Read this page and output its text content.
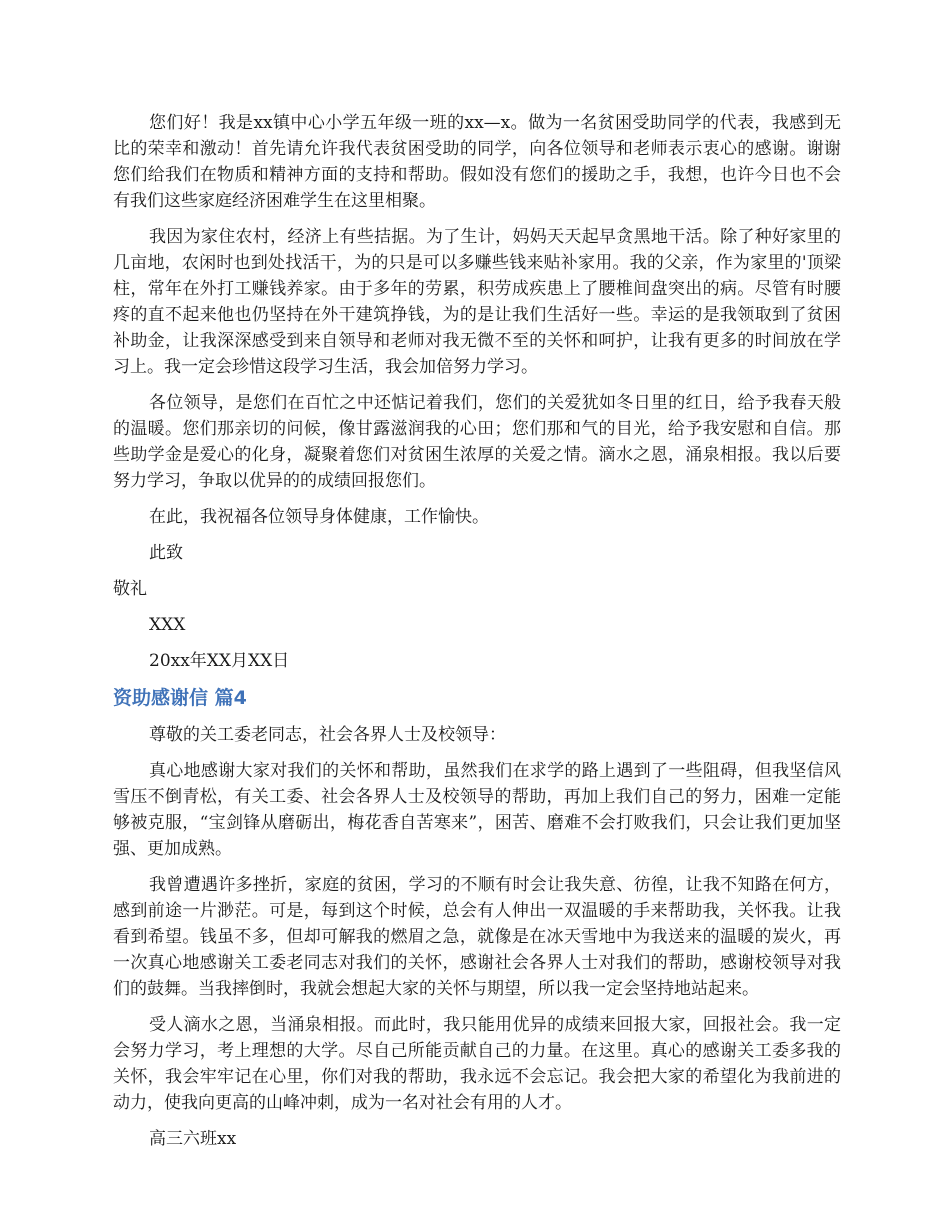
您们好！我是xx镇中心小学五年级一班的xx—x。做为一名贫困受助同学的代表，我感到无比的荣幸和激动！首先请允许我代表贫困受助的同学，向各位领导和老师表示衷心的感谢。谢谢您们给我们在物质和精神方面的支持和帮助。假如没有您们的援助之手，我想，也许今日也不会有我们这些家庭经济困难学生在这里相聚。

我因为家住农村，经济上有些拮据。为了生计，妈妈天天起早贪黑地干活。除了种好家里的几亩地，农闲时也到处找活干，为的只是可以多赚些钱来贴补家用。我的父亲，作为家里的'顶梁柱，常年在外打工赚钱养家。由于多年的劳累，积劳成疾患上了腰椎间盘突出的病。尽管有时腰疼的直不起来他也仍坚持在外干建筑挣钱，为的是让我们生活好一些。幸运的是我领取到了贫困补助金，让我深深感受到来自领导和老师对我无微不至的关怀和呵护，让我有更多的时间放在学习上。我一定会珍惜这段学习生活，我会加倍努力学习。

各位领导，是您们在百忙之中还惦记着我们，您们的关爱犹如冬日里的红日，给予我春天般的温暖。您们那亲切的问候，像甘露滋润我的心田；您们那和气的目光，给予我安慰和自信。那些助学金是爱心的化身，凝聚着您们对贫困生浓厚的关爱之情。滴水之恩，涌泉相报。我以后要努力学习，争取以优异的的成绩回报您们。

在此，我祝福各位领导身体健康，工作愉快。

此致
敬礼
XXX
20xx年XX月XX日
资助感谢信 篇4
尊敬的关工委老同志，社会各界人士及校领导：

真心地感谢大家对我们的关怀和帮助，虽然我们在求学的路上遇到了一些阻碍，但我坚信风雪压不倒青松，有关工委、社会各界人士及校领导的帮助，再加上我们自己的努力，困难一定能够被克服，“宝剑锋从磨砺出，梅花香自苦寒来”，困苦、磨难不会打败我们，只会让我们更加坚强、更加成熟。

我曾遭遇许多挫折，家庭的贫困，学习的不顺有时会让我失意、彷徨，让我不知路在何方，感到前途一片渺茫。可是，每到这个时候，总会有人伸出一双温暖的手来帮助我，关怀我。让我看到希望。钱虽不多，但却可解我的燃眉之急，就像是在冰天雪地中为我送来的温暖的炭火，再一次真心地感谢关工委老同志对我们的关怀，感谢社会各界人士对我们的帮助，感谢校领导对我们的鼓舞。当我摔倒时，我就会想起大家的关怀与期望，所以我一定会坚持地站起来。

受人滴水之恩，当涌泉相报。而此时，我只能用优异的成绩来回报大家，回报社会。我一定会努力学习，考上理想的大学。尽自己所能贡献自己的力量。在这里。真心的感谢关工委多我的关怀，我会牢牢记在心里，你们对我的帮助，我永远不会忘记。我会把大家的希望化为我前进的动力，使我向更高的山峰冲刺，成为一名对社会有用的人才。

高三六班xx
